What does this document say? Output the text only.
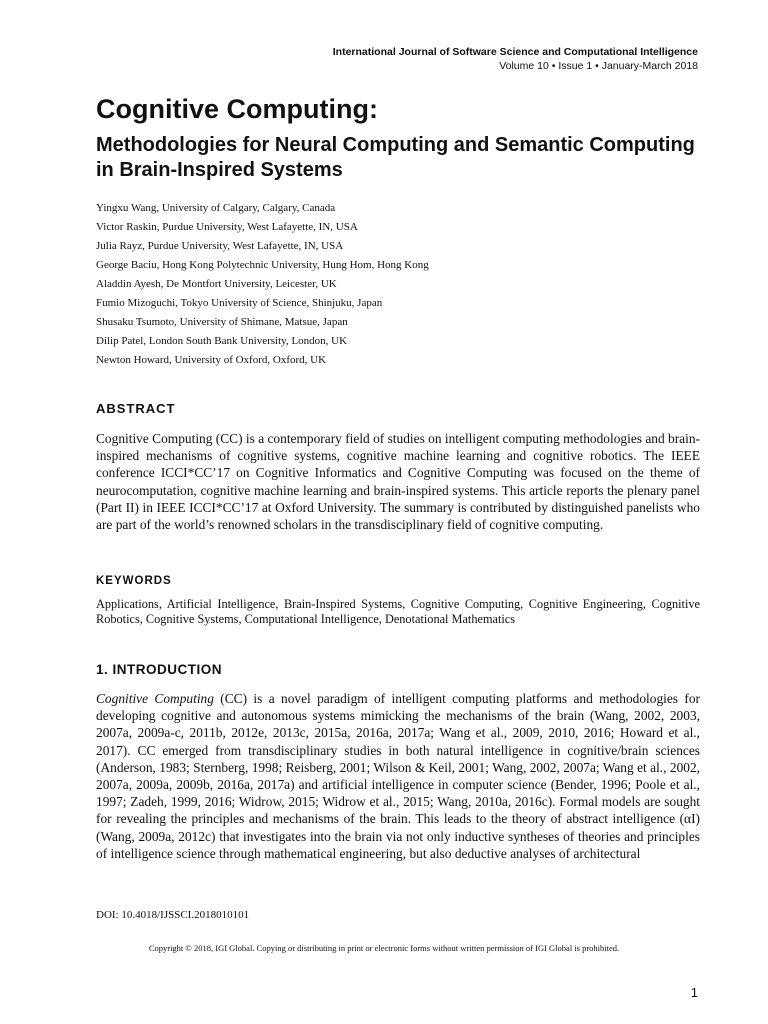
International Journal of Software Science and Computational Intelligence
Volume 10 • Issue 1 • January-March 2018
Cognitive Computing:
Methodologies for Neural Computing and Semantic Computing in Brain-Inspired Systems
Yingxu Wang, University of Calgary, Calgary, Canada
Victor Raskin, Purdue University, West Lafayette, IN, USA
Julia Rayz, Purdue University, West Lafayette, IN, USA
George Baciu, Hong Kong Polytechnic University, Hung Hom, Hong Kong
Aladdin Ayesh, De Montfort University, Leicester, UK
Fumio Mizoguchi, Tokyo University of Science, Shinjuku, Japan
Shusaku Tsumoto, University of Shimane, Matsue, Japan
Dilip Patel, London South Bank University, London, UK
Newton Howard, University of Oxford, Oxford, UK
ABSTRACT

Cognitive Computing (CC) is a contemporary field of studies on intelligent computing methodologies and brain-inspired mechanisms of cognitive systems, cognitive machine learning and cognitive robotics. The IEEE conference ICCI*CC’17 on Cognitive Informatics and Cognitive Computing was focused on the theme of neurocomputation, cognitive machine learning and brain-inspired systems. This article reports the plenary panel (Part II) in IEEE ICCI*CC’17 at Oxford University. The summary is contributed by distinguished panelists who are part of the world’s renowned scholars in the transdisciplinary field of cognitive computing.

KEYWORDS

Applications, Artificial Intelligence, Brain-Inspired Systems, Cognitive Computing, Cognitive Engineering, Cognitive Robotics, Cognitive Systems, Computational Intelligence, Denotational Mathematics

1. INTRODUCTION

Cognitive Computing (CC) is a novel paradigm of intelligent computing platforms and methodologies for developing cognitive and autonomous systems mimicking the mechanisms of the brain (Wang, 2002, 2003, 2007a, 2009a-c, 2011b, 2012e, 2013c, 2015a, 2016a, 2017a; Wang et al., 2009, 2010, 2016; Howard et al., 2017). CC emerged from transdisciplinary studies in both natural intelligence in cognitive/brain sciences (Anderson, 1983; Sternberg, 1998; Reisberg, 2001; Wilson & Keil, 2001; Wang, 2002, 2007a; Wang et al., 2002, 2007a, 2009a, 2009b, 2016a, 2017a) and artificial intelligence in computer science (Bender, 1996; Poole et al., 1997; Zadeh, 1999, 2016; Widrow, 2015; Widrow et al., 2015; Wang, 2010a, 2016c). Formal models are sought for revealing the principles and mechanisms of the brain. This leads to the theory of abstract intelligence (αI) (Wang, 2009a, 2012c) that investigates into the brain via not only inductive syntheses of theories and principles of intelligence science through mathematical engineering, but also deductive analyses of architectural

DOI: 10.4018/IJSSCI.2018010101
Copyright © 2018, IGI Global. Copying or distributing in print or electronic forms without written permission of IGI Global is prohibited.
1
